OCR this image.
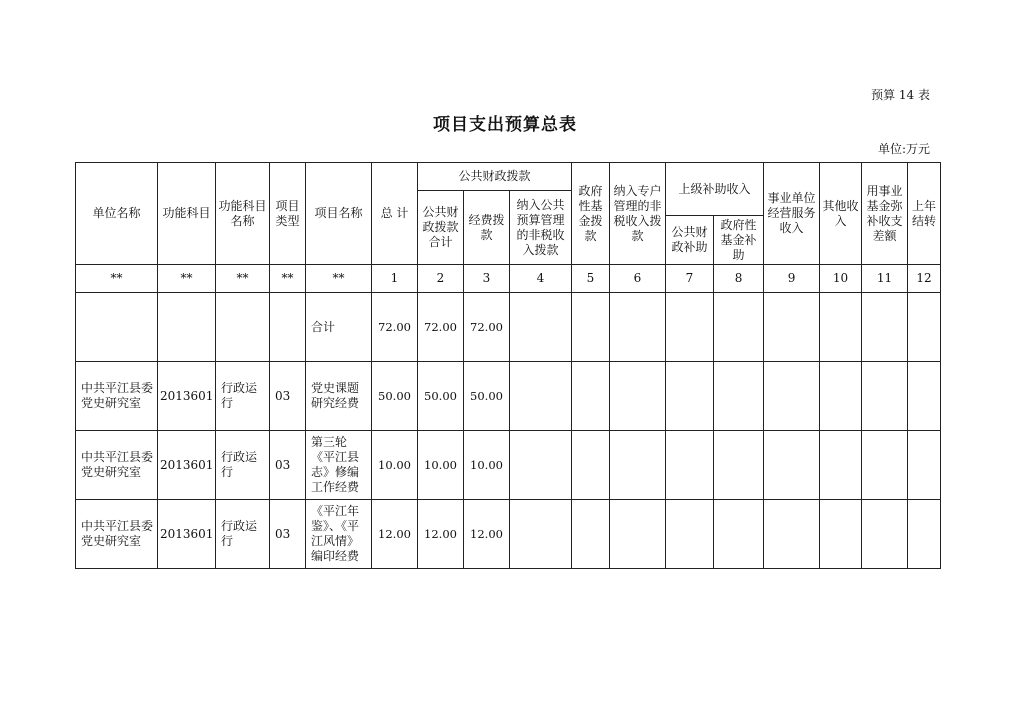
预算 14 表
项目支出预算总表
单位:万元
单位名称	功能科目	功能科目名称	项目类型	项目名称	总 计	公共财政拨款			政府性基金拨款	纳入专户管理的非税收入拨款	上级补助收入		事业单位经营服务收入	其他收入	用事业基金弥补收支差额	上年结转
						公共财政拨款合计	经费拨款	纳入公共预算管理的非税收入拨款								
											公共财政补助	政府性基金补助				
**	**	**	**	**	1	2	3	4	5	6	7	8	9	10	11	12
				合计	72.00	72.00	72.00									
中共平江县委党史研究室	2013601	行政运行	03	党史课题研究经费	50.00	50.00	50.00									
中共平江县委党史研究室	2013601	行政运行	03	第三轮《平江县志》修编工作经费	10.00	10.00	10.00									
中共平江县委党史研究室	2013601	行政运行	03	《平江年鉴》、《平江风情》编印经费	12.00	12.00	12.00									
